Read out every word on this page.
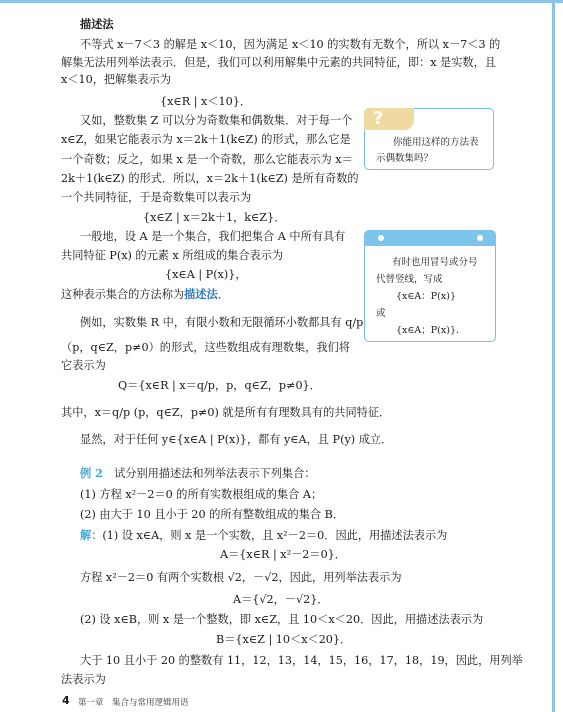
描述法
不等式 x－7＜3 的解是 x＜10，因为满足 x＜10 的实数有无数个，所以 x－7＜3 的
解集无法用列举法表示．但是，我们可以利用解集中元素的共同特征，即：x 是实数，且
x＜10，把解集表示为
{x∈R | x＜10}．
又如，整数集 Z 可以分为奇数集和偶数集．对于每一个
x∈Z，如果它能表示为 x＝2k＋1(k∈Z) 的形式，那么它是
一个奇数；反之，如果 x 是一个奇数，那么它能表示为 x＝
2k＋1(k∈Z) 的形式．所以，x＝2k＋1(k∈Z) 是所有奇数的
一个共同特征，于是奇数集可以表示为
{x∈Z | x＝2k＋1，k∈Z}．
一般地，设 A 是一个集合，我们把集合 A 中所有具有
共同特征 P(x) 的元素 x 所组成的集合表示为
{x∈A | P(x)}，
这种表示集合的方法称为描述法．
例如，实数集 R 中，有限小数和无限循环小数都具有 q/p
（p，q∈Z，p≠0）的形式，这些数组成有理数集，我们将
它表示为
Q＝{x∈R | x＝q/p，p，q∈Z，p≠0}．
其中，x＝q/p (p，q∈Z，p≠0) 就是所有有理数具有的共同特征．
显然，对于任何 y∈{x∈A | P(x)}，都有 y∈A，且 P(y) 成立．
例 2　 试分别用描述法和列举法表示下列集合：
(1) 方程 x²－2＝0 的所有实数根组成的集合 A；
(2) 由大于 10 且小于 20 的所有整数组成的集合 B．
解：(1) 设 x∈A，则 x 是一个实数，且 x²－2＝0．因此，用描述法表示为
A＝{x∈R | x²－2＝0}．
方程 x²－2＝0 有两个实数根 √2，－√2，因此，用列举法表示为
A＝{√2，－√2}．
(2) 设 x∈B，则 x 是一个整数，即 x∈Z，且 10＜x＜20．因此，用描述法表示为
B＝{x∈Z | 10＜x＜20}．
大于 10 且小于 20 的整数有 11，12，13，14，15，16，17，18，19，因此，用列举
法表示为
?
你能用这样的方法表
示偶数集吗？
有时也用冒号或分号
代替竖线，写成
{x∈A：P(x)}
或
{x∈A；P(x)}．
4 第一章　集合与常用逻辑用语
